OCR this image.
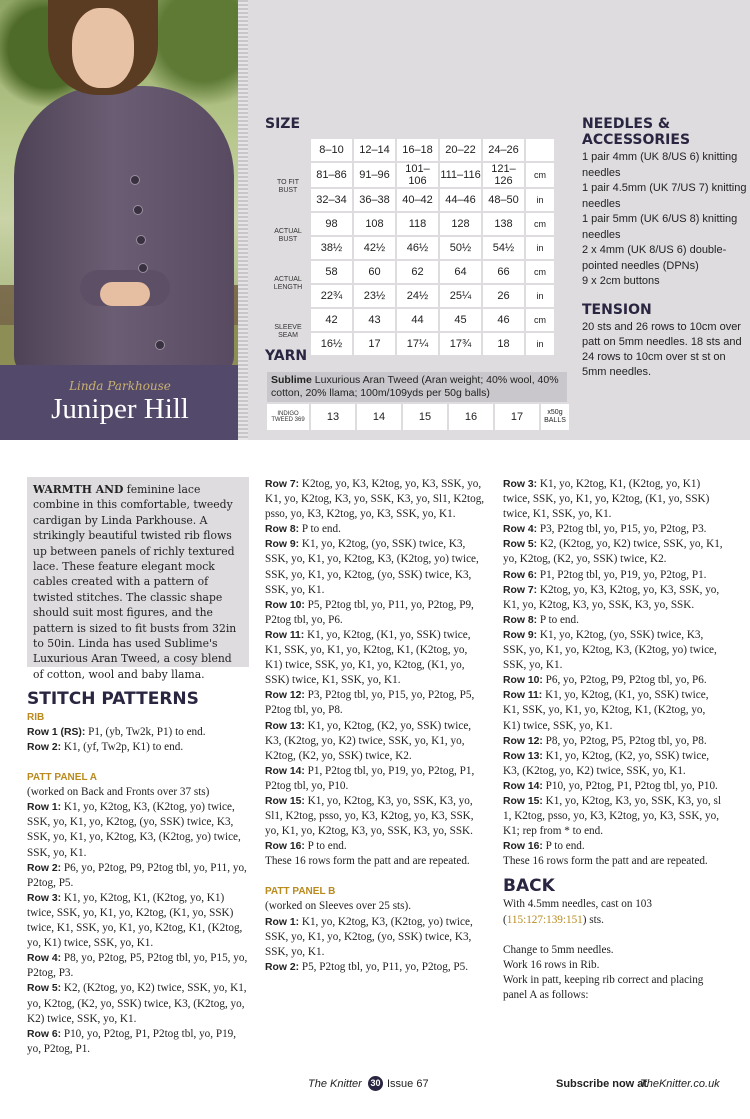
Linda Parkhouse
Juniper Hill
SIZE
	8–10	12–14	16–18	20–22	24–26	
TO FIT BUST	81–86	91–96	101–106	111–116	121–126	cm
	32–34	36–38	40–42	44–46	48–50	in
ACTUAL BUST	98	108	118	128	138	cm
	38½	42½	46½	50½	54½	in
ACTUAL LENGTH	58	60	62	64	66	cm
	22¾	23½	24½	25¼	26	in
SLEEVE SEAM	42	43	44	45	46	cm
	16½	17	17¼	17¾	18	in
YARN
Sublime Luxurious Aran Tweed (Aran weight; 40% wool, 40% cotton, 20% llama; 100m/109yds per 50g balls)
INDIGO TWEED 369	13	14	15	16	17	x50g BALLS
NEEDLES & ACCESSORIES
1 pair 4mm (UK 8/US 6) knitting needles
1 pair 4.5mm (UK 7/US 7) knitting needles
1 pair 5mm (UK 6/US 8) knitting needles
2 x 4mm (UK 8/US 6) double-pointed needles (DPNs)
9 x 2cm buttons
TENSION
20 sts and 26 rows to 10cm over patt on 5mm needles. 18 sts and 24 rows to 10cm over st st on 5mm needles.
WARMTH AND feminine lace combine in this comfortable, tweedy cardigan by Linda Parkhouse. A strikingly beautiful twisted rib flows up between panels of richly textured lace. These feature elegant mock cables created with a pattern of twisted stitches. The classic shape should suit most figures, and the pattern is sized to fit busts from 32in to 50in. Linda has used Sublime's Luxurious Aran Tweed, a cosy blend of cotton, wool and baby llama.
STITCH PATTERNS
RIB

Row 1 (RS): P1, (yb, Tw2k, P1) to end.

Row 2: K1, (yf, Tw2p, K1) to end.

PATT PANEL A

(worked on Back and Fronts over 37 sts)

Row 1: K1, yo, K2tog, K3, (K2tog, yo) twice, SSK, yo, K1, yo, K2tog, (yo, SSK) twice, K3, SSK, yo, K1, yo, K2tog, K3, (K2tog, yo) twice, SSK, yo, K1.

Row 2: P6, yo, P2tog, P9, P2tog tbl, yo, P11, yo, P2tog, P5.

Row 3: K1, yo, K2tog, K1, (K2tog, yo, K1) twice, SSK, yo, K1, yo, K2tog, (K1, yo, SSK) twice, K1, SSK, yo, K1, yo, K2tog, K1, (K2tog, yo, K1) twice, SSK, yo, K1.

Row 4: P8, yo, P2tog, P5, P2tog tbl, yo, P15, yo, P2tog, P3.

Row 5: K2, (K2tog, yo, K2) twice, SSK, yo, K1, yo, K2tog, (K2, yo, SSK) twice, K3, (K2tog, yo, K2) twice, SSK, yo, K1.

Row 6: P10, yo, P2tog, P1, P2tog tbl, yo, P19, yo, P2tog, P1.

Row 7: K2tog, yo, K3, K2tog, yo, K3, SSK, yo, K1, yo, K2tog, K3, yo, SSK, K3, yo, Sl1, K2tog, psso, yo, K3, K2tog, yo, K3, SSK, yo, K1.

Row 8: P to end.

Row 9: K1, yo, K2tog, (yo, SSK) twice, K3, SSK, yo, K1, yo, K2tog, K3, (K2tog, yo) twice, SSK, yo, K1, yo, K2tog, (yo, SSK) twice, K3, SSK, yo, K1.

Row 10: P5, P2tog tbl, yo, P11, yo, P2tog, P9, P2tog tbl, yo, P6.

Row 11: K1, yo, K2tog, (K1, yo, SSK) twice, K1, SSK, yo, K1, yo, K2tog, K1, (K2tog, yo, K1) twice, SSK, yo, K1, yo, K2tog, (K1, yo, SSK) twice, K1, SSK, yo, K1.

Row 12: P3, P2tog tbl, yo, P15, yo, P2tog, P5, P2tog tbl, yo, P8.

Row 13: K1, yo, K2tog, (K2, yo, SSK) twice, K3, (K2tog, yo, K2) twice, SSK, yo, K1, yo, K2tog, (K2, yo, SSK) twice, K2.

Row 14: P1, P2tog tbl, yo, P19, yo, P2tog, P1, P2tog tbl, yo, P10.

Row 15: K1, yo, K2tog, K3, yo, SSK, K3, yo, Sl1, K2tog, psso, yo, K3, K2tog, yo, K3, SSK, yo, K1, yo, K2tog, K3, yo, SSK, K3, yo, SSK.

Row 16: P to end.

These 16 rows form the patt and are repeated.

PATT PANEL B

(worked on Sleeves over 25 sts).

Row 1: K1, yo, K2tog, K3, (K2tog, yo) twice, SSK, yo, K1, yo, K2tog, (yo, SSK) twice, K3, SSK, yo, K1.

Row 2: P5, P2tog tbl, yo, P11, yo, P2tog, P5.

Row 3: K1, yo, K2tog, K1, (K2tog, yo, K1) twice, SSK, yo, K1, yo, K2tog, (K1, yo, SSK) twice, K1, SSK, yo, K1.

Row 4: P3, P2tog tbl, yo, P15, yo, P2tog, P3.

Row 5: K2, (K2tog, yo, K2) twice, SSK, yo, K1, yo, K2tog, (K2, yo, SSK) twice, K2.

Row 6: P1, P2tog tbl, yo, P19, yo, P2tog, P1.

Row 7: K2tog, yo, K3, K2tog, yo, K3, SSK, yo, K1, yo, K2tog, K3, yo, SSK, K3, yo, SSK.

Row 8: P to end.

Row 9: K1, yo, K2tog, (yo, SSK) twice, K3, SSK, yo, K1, yo, K2tog, K3, (K2tog, yo) twice, SSK, yo, K1.

Row 10: P6, yo, P2tog, P9, P2tog tbl, yo, P6.

Row 11: K1, yo, K2tog, (K1, yo, SSK) twice, K1, SSK, yo, K1, yo, K2tog, K1, (K2tog, yo, K1) twice, SSK, yo, K1.

Row 12: P8, yo, P2tog, P5, P2tog tbl, yo, P8.

Row 13: K1, yo, K2tog, (K2, yo, SSK) twice, K3, (K2tog, yo, K2) twice, SSK, yo, K1.

Row 14: P10, yo, P2tog, P1, P2tog tbl, yo, P10.

Row 15: K1, yo, K2tog, K3, yo, SSK, K3, yo, sl 1, K2tog, psso, yo, K3, K2tog, yo, K3, SSK, yo, K1; rep from * to end.

Row 16: P to end.

These 16 rows form the patt and are repeated.

BACK

With 4.5mm needles, cast on 103 (115:127:139:151) sts.

Change to 5mm needles.

Work 16 rows in Rib.

Work in patt, keeping rib correct and placing panel A as follows:

The Knitter 30 Issue 67	Subscribe now at
TheKnitter.co.uk
